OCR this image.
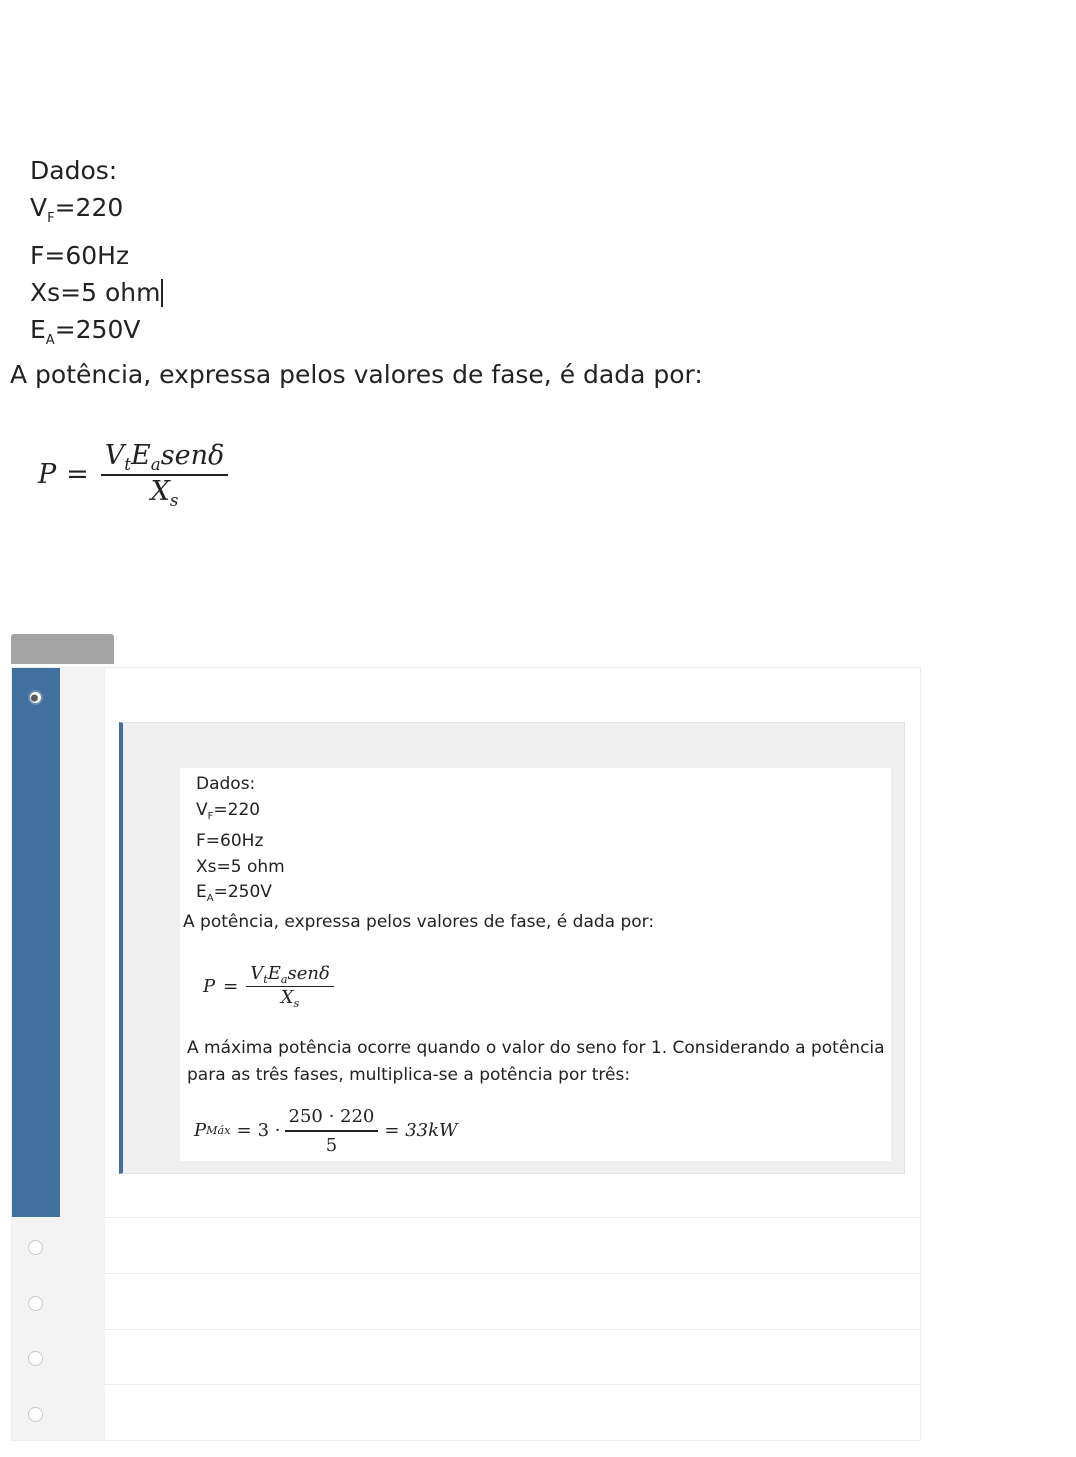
Dados:
$V_F=220$
F=60Hz
Xs=5 ohm
$E_A=250V$
A potência, expressa pelos valores de fase, é dada por:
$P = \frac{V_tE_asen\delta}{X_s}$
Dados:
$V_F=220$
F=60Hz
Xs=5 ohm
$E_A=250V$
A potência, expressa pelos valores de fase, é dada por:
$P = \frac{V_tE_asen\delta}{X_s}$
A máxima potência ocorre quando o valor do seno for 1. Considerando a potência para as três fases, multiplica-se a potência por três:
P Máx = $3 \cdot \frac{250 \cdot 220}{5} = 33kW$
